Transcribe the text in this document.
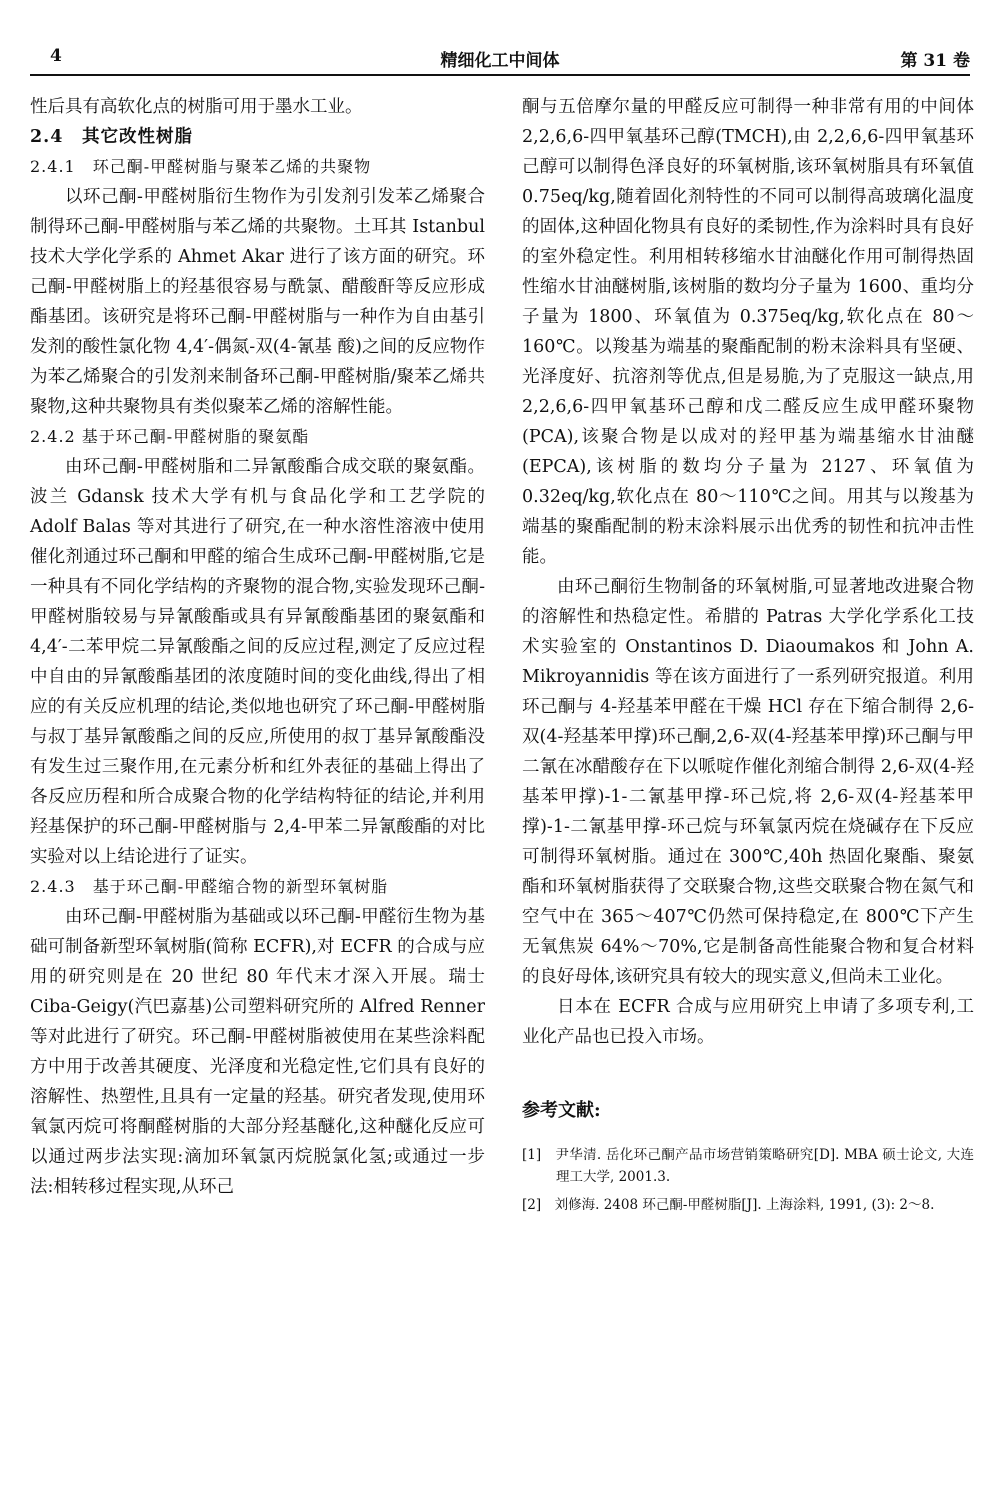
4	精细化工中间体	第 31 卷

性后具有高软化点的树脂可用于墨水工业。

2.4　其它改性树脂

2.4.1　环己酮-甲醛树脂与聚苯乙烯的共聚物

以环己酮-甲醛树脂衍生物作为引发剂引发苯乙烯聚合制得环己酮-甲醛树脂与苯乙烯的共聚物。土耳其 Istanbul 技术大学化学系的 Ahmet Akar 进行了该方面的研究。环己酮-甲醛树脂上的羟基很容易与酰氯、醋酸酐等反应形成酯基团。该研究是将环己酮-甲醛树脂与一种作为自由基引发剂的酸性氯化物 4,4′-偶氮-双(4-氰基 酸)之间的反应物作为苯乙烯聚合的引发剂来制备环己酮-甲醛树脂/聚苯乙烯共聚物,这种共聚物具有类似聚苯乙烯的溶解性能。

2.4.2 基于环己酮-甲醛树脂的聚氨酯

由环己酮-甲醛树脂和二异氰酸酯合成交联的聚氨酯。波兰 Gdansk 技术大学有机与食品化学和工艺学院的 Adolf Balas 等对其进行了研究,在一种水溶性溶液中使用催化剂通过环己酮和甲醛的缩合生成环己酮-甲醛树脂,它是一种具有不同化学结构的齐聚物的混合物,实验发现环己酮-甲醛树脂较易与异氰酸酯或具有异氰酸酯基团的聚氨酯和 4,4′-二苯甲烷二异氰酸酯之间的反应过程,测定了反应过程中自由的异氰酸酯基团的浓度随时间的变化曲线,得出了相应的有关反应机理的结论,类似地也研究了环己酮-甲醛树脂与叔丁基异氰酸酯之间的反应,所使用的叔丁基异氰酸酯没有发生过三聚作用,在元素分析和红外表征的基础上得出了各反应历程和所合成聚合物的化学结构特征的结论,并利用羟基保护的环己酮-甲醛树脂与 2,4-甲苯二异氰酸酯的对比实验对以上结论进行了证实。

2.4.3　基于环己酮-甲醛缩合物的新型环氧树脂

由环己酮-甲醛树脂为基础或以环己酮-甲醛衍生物为基础可制备新型环氧树脂(简称 ECFR),对 ECFR 的合成与应用的研究则是在 20 世纪 80 年代末才深入开展。瑞士 Ciba-Geigy(汽巴嘉基)公司塑料研究所的 Alfred Renner 等对此进行了研究。环己酮-甲醛树脂被使用在某些涂料配方中用于改善其硬度、光泽度和光稳定性,它们具有良好的溶解性、热塑性,且具有一定量的羟基。研究者发现,使用环氧氯丙烷可将酮醛树脂的大部分羟基醚化,这种醚化反应可以通过两步法实现:滴加环氧氯丙烷脱氯化氢;或通过一步法:相转移过程实现,从环己

酮与五倍摩尔量的甲醛反应可制得一种非常有用的中间体 2,2,6,6-四甲氧基环己醇(TMCH),由 2,2,6,6-四甲氧基环己醇可以制得色泽良好的环氧树脂,该环氧树脂具有环氧值 0.75eq/kg,随着固化剂特性的不同可以制得高玻璃化温度的固体,这种固化物具有良好的柔韧性,作为涂料时具有良好的室外稳定性。利用相转移缩水甘油醚化作用可制得热固性缩水甘油醚树脂,该树脂的数均分子量为 1600、重均分子量为 1800、环氧值为 0.375eq/kg,软化点在 80～160℃。以羧基为端基的聚酯配制的粉末涂料具有坚硬、光泽度好、抗溶剂等优点,但是易脆,为了克服这一缺点,用 2,2,6,6-四甲氧基环己醇和戊二醛反应生成甲醛环聚物(PCA),该聚合物是以成对的羟甲基为端基缩水甘油醚(EPCA),该树脂的数均分子量为 2127、环氧值为 0.32eq/kg,软化点在 80～110℃之间。用其与以羧基为端基的聚酯配制的粉末涂料展示出优秀的韧性和抗冲击性能。

由环己酮衍生物制备的环氧树脂,可显著地改进聚合物的溶解性和热稳定性。希腊的 Patras 大学化学系化工技术实验室的 Onstantinos D. Diaoumakos 和 John A. Mikroyannidis 等在该方面进行了一系列研究报道。利用环己酮与 4-羟基苯甲醛在干燥 HCl 存在下缩合制得 2,6-双(4-羟基苯甲撑)环己酮,2,6-双(4-羟基苯甲撑)环己酮与甲二氰在冰醋酸存在下以哌啶作催化剂缩合制得 2,6-双(4-羟基苯甲撑)-1-二氰基甲撑-环己烷,将 2,6-双(4-羟基苯甲撑)-1-二氰基甲撑-环己烷与环氧氯丙烷在烧碱存在下反应可制得环氧树脂。通过在 300℃,40h 热固化聚酯、聚氨酯和环氧树脂获得了交联聚合物,这些交联聚合物在氮气和空气中在 365～407℃仍然可保持稳定,在 800℃下产生无氧焦炭 64%～70%,它是制备高性能聚合物和复合材料的良好母体,该研究具有较大的现实意义,但尚未工业化。

日本在 ECFR 合成与应用研究上申请了多项专利,工业化产品也已投入市场。

参考文献:

[1]　尹华清. 岳化环己酮产品市场营销策略研究[D]. MBA 硕士论文, 大连理工大学, 2001.3.

[2]　刘修海. 2408 环己酮-甲醛树脂[J]. 上海涂料, 1991, (3): 2～8.
